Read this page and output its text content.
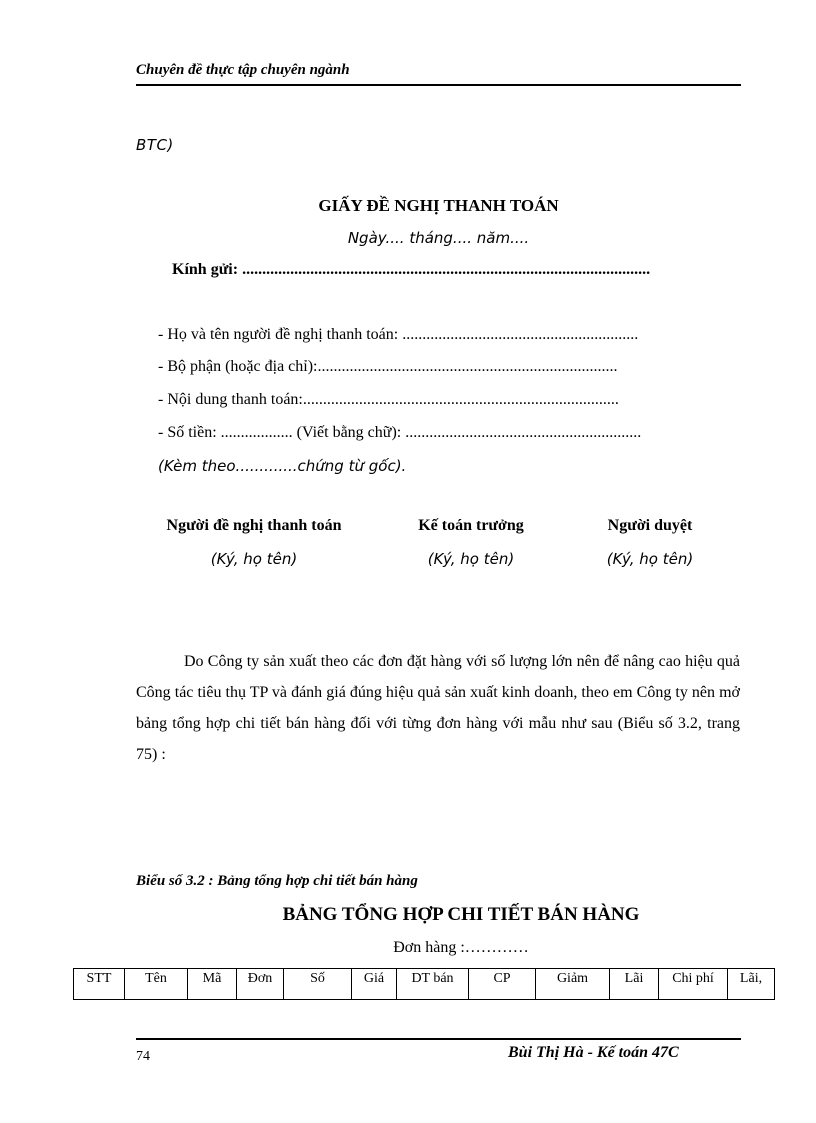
Chuyên đề thực tập chuyên ngành
BTC)
GIẤY ĐỀ NGHỊ THANH TOÁN
Ngày.... tháng.... năm....
Kính gửi: ......................................................................................................
- Họ và tên người đề nghị thanh toán: ...........................................................
- Bộ phận (hoặc địa chỉ):...........................................................................
- Nội dung thanh toán:...............................................................................
- Số tiền: .................. (Viết bằng chữ): ...........................................................
(Kèm theo.............chứng từ gốc).
Người đề nghị thanh toán
(Ký, họ tên)
Kế toán trưởng
(Ký, họ tên)
Người duyệt
(Ký, họ tên)
Do Công ty sản xuất theo các đơn đặt hàng với số lượng lớn nên để nâng cao hiệu quả Công tác tiêu thụ TP và đánh giá đúng hiệu quả sản xuất kinh doanh, theo em Công ty nên mở bảng tổng hợp chi tiết bán hàng đối với từng đơn hàng với mẫu như sau (Biểu số 3.2, trang 75) :
Biểu số 3.2 : Bảng tổng hợp chi tiết bán hàng
BẢNG TỔNG HỢP CHI TIẾT BÁN HÀNG
Đơn hàng :…………
STT	Tên	Mã	Đơn	Số	Giá	DT bán	CP	Giảm	Lãi	Chi phí	Lãi,
74	Bùi Thị Hà - Kế toán 47C
